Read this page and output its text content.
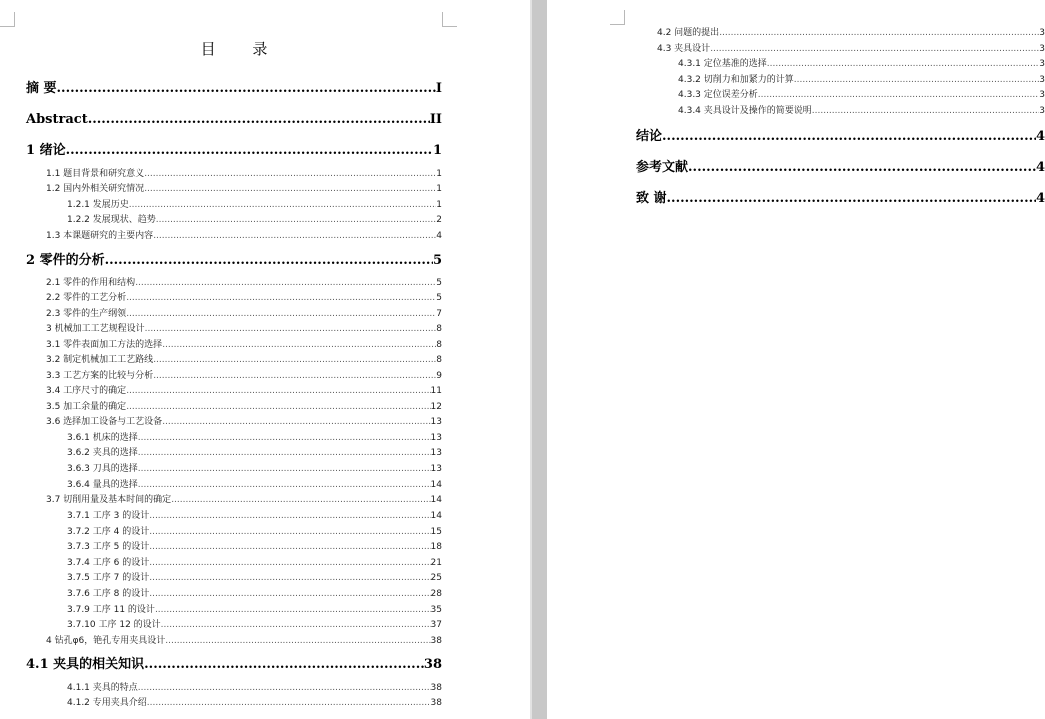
目 录
摘 要 .....	I
Abstract .....	II
1 绪论 .....	1
1.1 题目背景和研究意义 .....	1
1.2 国内外相关研究情况 .....	1
1.2.1 发展历史 .....	1
1.2.2 发展现状、趋势 .....	2
1.3 本课题研究的主要内容 .....	4
2 零件的分析 .....	5
2.1 零件的作用和结构 .....	5
2.2 零件的工艺分析 .....	5
2.3 零件的生产纲领 .....	7
3 机械加工工艺规程设计 .....	8
3.1 零件表面加工方法的选择 .....	8
3.2 制定机械加工工艺路线 .....	8
3.3 工艺方案的比较与分析 .....	9
3.4 工序尺寸的确定 .....	11
3.5 加工余量的确定 .....	12
3.6 选择加工设备与工艺设备 .....	13
3.6.1 机床的选择 .....	13
3.6.2 夹具的选择 .....	13
3.6.3 刀具的选择 .....	13
3.6.4 量具的选择 .....	14
3.7 切削用量及基本时间的确定 .....	14
3.7.1 工序 3 的设计 .....	14
3.7.2 工序 4 的设计 .....	15
3.7.3 工序 5 的设计 .....	18
3.7.4 工序 6 的设计 .....	21
3.7.5 工序 7 的设计 .....	25
3.7.6 工序 8 的设计 .....	28
3.7.9 工序 11 的设计 .....	35
3.7.10 工序 12 的设计 .....	37
4 钻孔φ6，铯孔专用夹具设计 .....	38
4.1 夹具的相关知识 .....	38
4.1.1 夹具的特点 .....	38
4.1.2 专用夹具介绍 .....	38
4.2 问题的提出 .....	3
4.3 夹具设计 .....	3
4.3.1 定位基准的选择 .....	3
4.3.2 切削力和加紧力的计算 .....	3
4.3.3 定位误差分析 .....	3
4.3.4 夹具设计及操作的简要说明 .....	3
结论 .....	4
参考文献 .....	4
致 谢 .....	4
